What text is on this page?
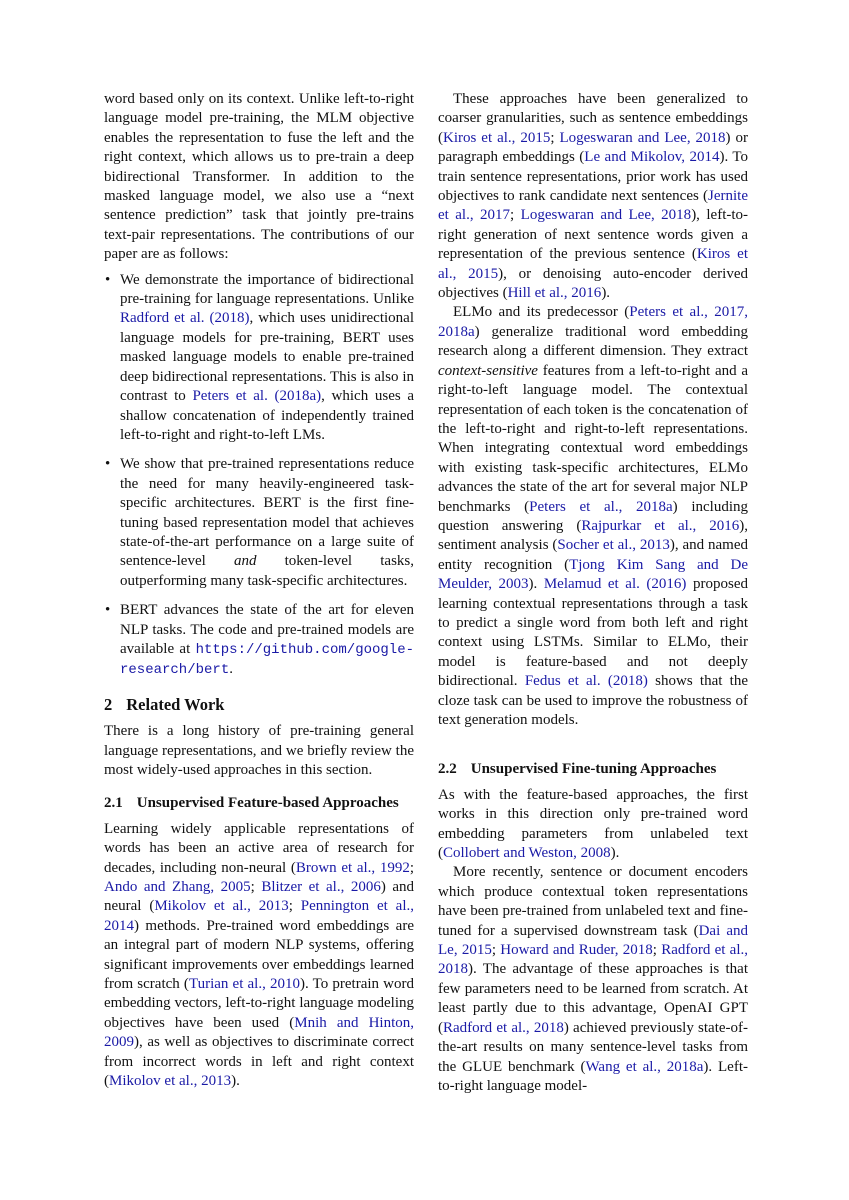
word based only on its context. Unlike left-to-right language model pre-training, the MLM objective enables the representation to fuse the left and the right context, which allows us to pre-train a deep bidirectional Transformer. In addition to the masked language model, we also use a “next sentence prediction” task that jointly pre-trains text-pair representations. The contributions of our paper are as follows:

• We demonstrate the importance of bidirectional pre-training for language representations. Unlike Radford et al. (2018), which uses unidirectional language models for pre-training, BERT uses masked language models to enable pre-trained deep bidirectional representations. This is also in contrast to Peters et al. (2018a), which uses a shallow concatenation of independently trained left-to-right and right-to-left LMs.
• We show that pre-trained representations reduce the need for many heavily-engineered task-specific architectures. BERT is the first fine-tuning based representation model that achieves state-of-the-art performance on a large suite of sentence-level and token-level tasks, outperforming many task-specific architectures.
• BERT advances the state of the art for eleven NLP tasks. The code and pre-trained models are available at https://github.com/google-research/bert.
2 Related Work

There is a long history of pre-training general language representations, and we briefly review the most widely-used approaches in this section.

2.1 Unsupervised Feature-based Approaches

Learning widely applicable representations of words has been an active area of research for decades, including non-neural (Brown et al., 1992; Ando and Zhang, 2005; Blitzer et al., 2006) and neural (Mikolov et al., 2013; Pennington et al., 2014) methods. Pre-trained word embeddings are an integral part of modern NLP systems, offering significant improvements over embeddings learned from scratch (Turian et al., 2010). To pretrain word embedding vectors, left-to-right language modeling objectives have been used (Mnih and Hinton, 2009), as well as objectives to discriminate correct from incorrect words in left and right context (Mikolov et al., 2013).

These approaches have been generalized to coarser granularities, such as sentence embeddings (Kiros et al., 2015; Logeswaran and Lee, 2018) or paragraph embeddings (Le and Mikolov, 2014). To train sentence representations, prior work has used objectives to rank candidate next sentences (Jernite et al., 2017; Logeswaran and Lee, 2018), left-to-right generation of next sentence words given a representation of the previous sentence (Kiros et al., 2015), or denoising auto-encoder derived objectives (Hill et al., 2016).

ELMo and its predecessor (Peters et al., 2017, 2018a) generalize traditional word embedding research along a different dimension. They extract context-sensitive features from a left-to-right and a right-to-left language model. The contextual representation of each token is the concatenation of the left-to-right and right-to-left representations. When integrating contextual word embeddings with existing task-specific architectures, ELMo advances the state of the art for several major NLP benchmarks (Peters et al., 2018a) including question answering (Rajpurkar et al., 2016), sentiment analysis (Socher et al., 2013), and named entity recognition (Tjong Kim Sang and De Meulder, 2003). Melamud et al. (2016) proposed learning contextual representations through a task to predict a single word from both left and right context using LSTMs. Similar to ELMo, their model is feature-based and not deeply bidirectional. Fedus et al. (2018) shows that the cloze task can be used to improve the robustness of text generation models.

2.2 Unsupervised Fine-tuning Approaches

As with the feature-based approaches, the first works in this direction only pre-trained word embedding parameters from unlabeled text (Collobert and Weston, 2008).

More recently, sentence or document encoders which produce contextual token representations have been pre-trained from unlabeled text and fine-tuned for a supervised downstream task (Dai and Le, 2015; Howard and Ruder, 2018; Radford et al., 2018). The advantage of these approaches is that few parameters need to be learned from scratch. At least partly due to this advantage, OpenAI GPT (Radford et al., 2018) achieved previously state-of-the-art results on many sentence-level tasks from the GLUE benchmark (Wang et al., 2018a). Left-to-right language model-
